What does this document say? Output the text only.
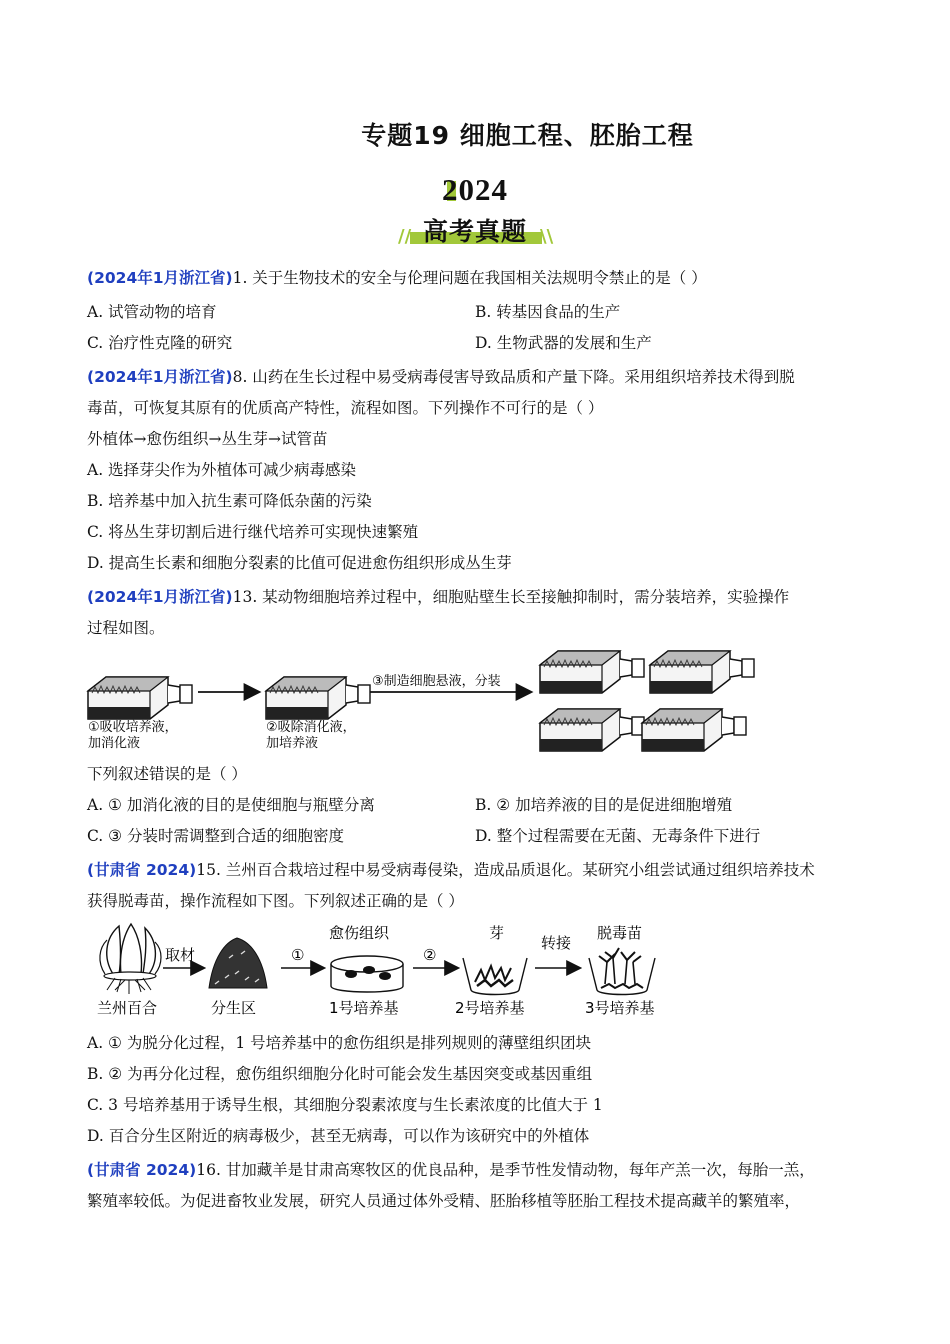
专题19 细胞工程、胚胎工程
2024
//	\\
高考真题
(2024年1月浙江省)1. 关于生物技术的安全与伦理问题在我国相关法规明令禁止的是（ ）
A. 试管动物的培育	B. 转基因食品的生产
C. 治疗性克隆的研究	D. 生物武器的发展和生产
(2024年1月浙江省)8. 山药在生长过程中易受病毒侵害导致品质和产量下降。采用组织培养技术得到脱
毒苗，可恢复其原有的优质高产特性，流程如图。下列操作不可行的是（ ）
外植体→愈伤组织→丛生芽→试管苗
A. 选择芽尖作为外植体可减少病毒感染
B. 培养基中加入抗生素可降低杂菌的污染
C. 将丛生芽切割后进行继代培养可实现快速繁殖
D. 提高生长素和细胞分裂素的比值可促进愈伤组织形成丛生芽
(2024年1月浙江省)13. 某动物细胞培养过程中，细胞贴壁生长至接触抑制时，需分装培养，实验操作
过程如图。
①吸收培养液，
加消化液
②吸除消化液，
加培养液
③制造细胞悬液，分装
下列叙述错误的是（ ）
A. ① 加消化液的目的是使细胞与瓶壁分离	B. ② 加培养液的目的是促进细胞增殖
C. ③ 分装时需调整到合适的细胞密度	D. 整个过程需要在无菌、无毒条件下进行
(甘肃省 2024)15. 兰州百合栽培过程中易受病毒侵染，造成品质退化。某研究小组尝试通过组织培养技术
获得脱毒苗，操作流程如下图。下列叙述正确的是（ ）
兰州百合
取材
分生区
①
愈伤组织
1号培养基
②
芽
2号培养基
转接
脱毒苗
3号培养基
A. ① 为脱分化过程，1 号培养基中的愈伤组织是排列规则的薄壁组织团块
B. ② 为再分化过程，愈伤组织细胞分化时可能会发生基因突变或基因重组
C. 3 号培养基用于诱导生根，其细胞分裂素浓度与生长素浓度的比值大于 1
D. 百合分生区附近的病毒极少，甚至无病毒，可以作为该研究中的外植体
(甘肃省 2024)16. 甘加藏羊是甘肃高寒牧区的优良品种，是季节性发情动物，每年产羔一次，每胎一羔，
繁殖率较低。为促进畜牧业发展，研究人员通过体外受精、胚胎移植等胚胎工程技术提高藏羊的繁殖率，
